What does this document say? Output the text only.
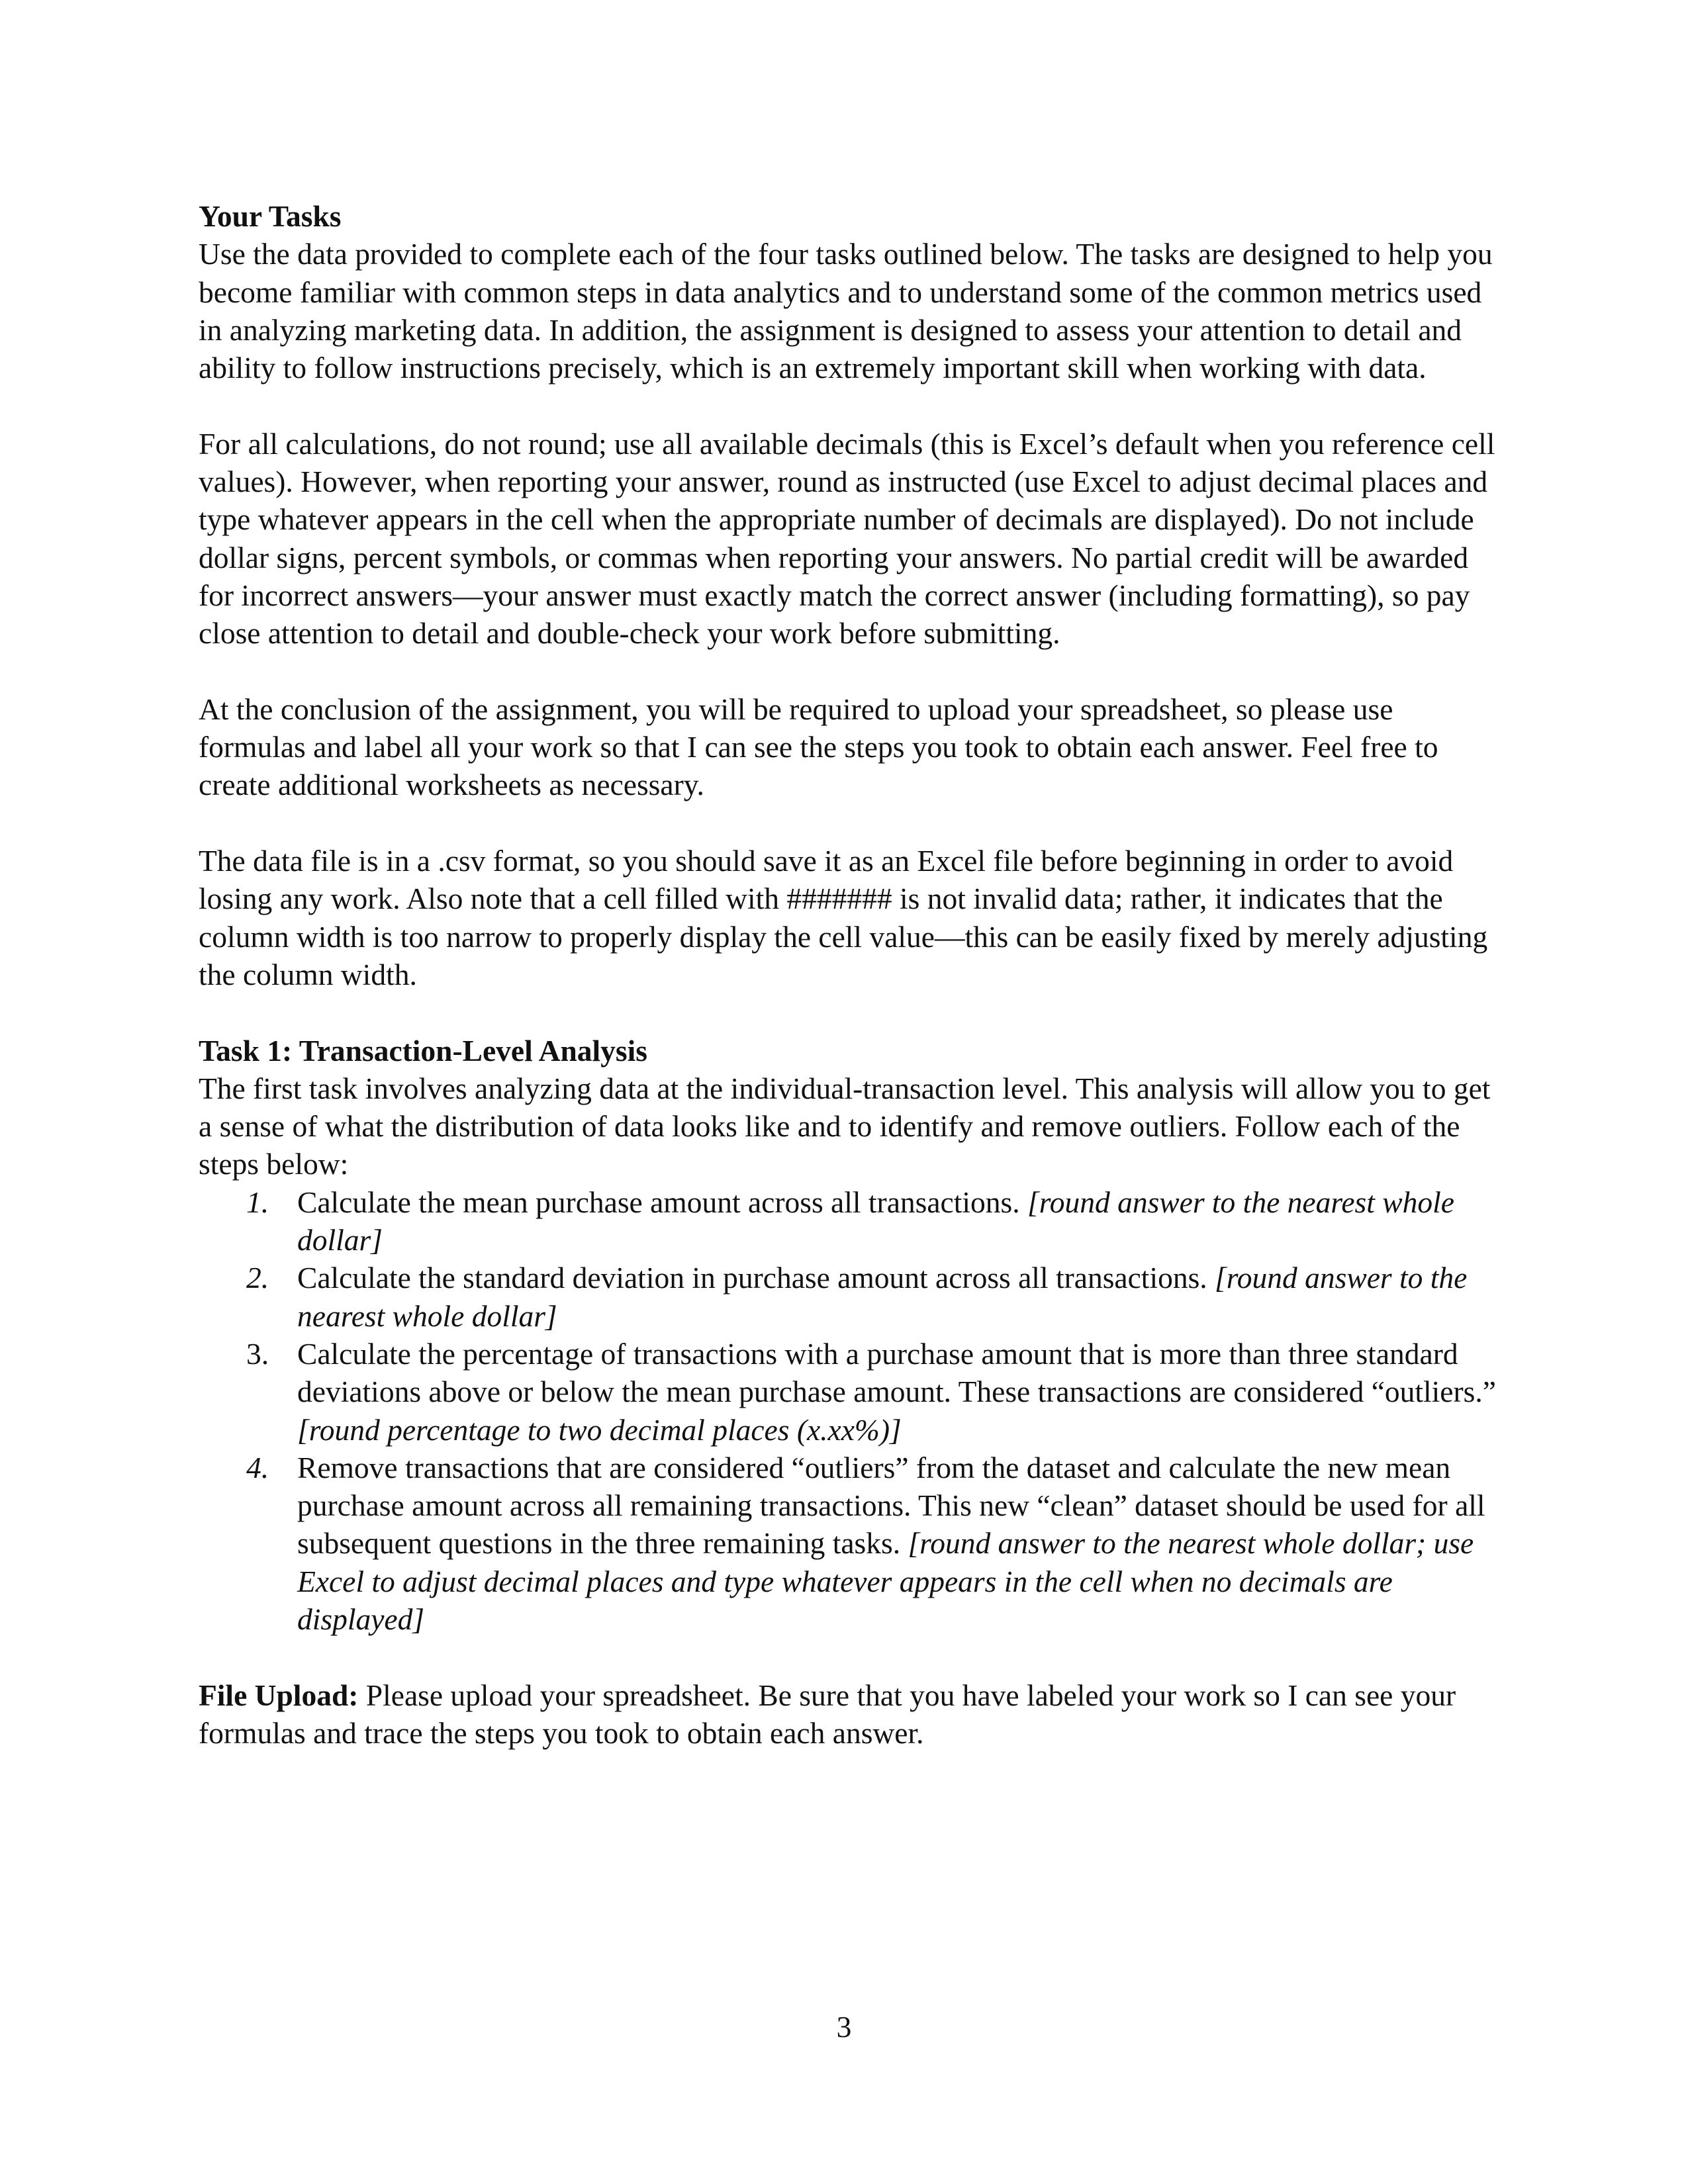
Your Tasks

Use the data provided to complete each of the four tasks outlined below. The tasks are designed to help you become familiar with common steps in data analytics and to understand some of the common metrics used in analyzing marketing data. In addition, the assignment is designed to assess your attention to detail and ability to follow instructions precisely, which is an extremely important skill when working with data.

For all calculations, do not round; use all available decimals (this is Excel’s default when you reference cell values). However, when reporting your answer, round as instructed (use Excel to adjust decimal places and type whatever appears in the cell when the appropriate number of decimals are displayed). Do not include dollar signs, percent symbols, or commas when reporting your answers. No partial credit will be awarded for incorrect answers—your answer must exactly match the correct answer (including formatting), so pay close attention to detail and double-check your work before submitting.

At the conclusion of the assignment, you will be required to upload your spreadsheet, so please use formulas and label all your work so that I can see the steps you took to obtain each answer. Feel free to create additional worksheets as necessary.

The data file is in a .csv format, so you should save it as an Excel file before beginning in order to avoid losing any work. Also note that a cell filled with ####### is not invalid data; rather, it indicates that the column width is too narrow to properly display the cell value—this can be easily fixed by merely adjusting the column width.

Task 1: Transaction-Level Analysis

The first task involves analyzing data at the individual-transaction level. This analysis will allow you to get a sense of what the distribution of data looks like and to identify and remove outliers. Follow each of the steps below:

1. Calculate the mean purchase amount across all transactions. [round answer to the nearest whole dollar]
2. Calculate the standard deviation in purchase amount across all transactions. [round answer to the nearest whole dollar]
3. Calculate the percentage of transactions with a purchase amount that is more than three standard deviations above or below the mean purchase amount. These transactions are considered “outliers.” [round percentage to two decimal places (x.xx%)]
4. Remove transactions that are considered “outliers” from the dataset and calculate the new mean purchase amount across all remaining transactions. This new “clean” dataset should be used for all subsequent questions in the three remaining tasks. [round answer to the nearest whole dollar; use Excel to adjust decimal places and type whatever appears in the cell when no decimals are displayed]

File Upload: Please upload your spreadsheet. Be sure that you have labeled your work so I can see your formulas and trace the steps you took to obtain each answer.

3
